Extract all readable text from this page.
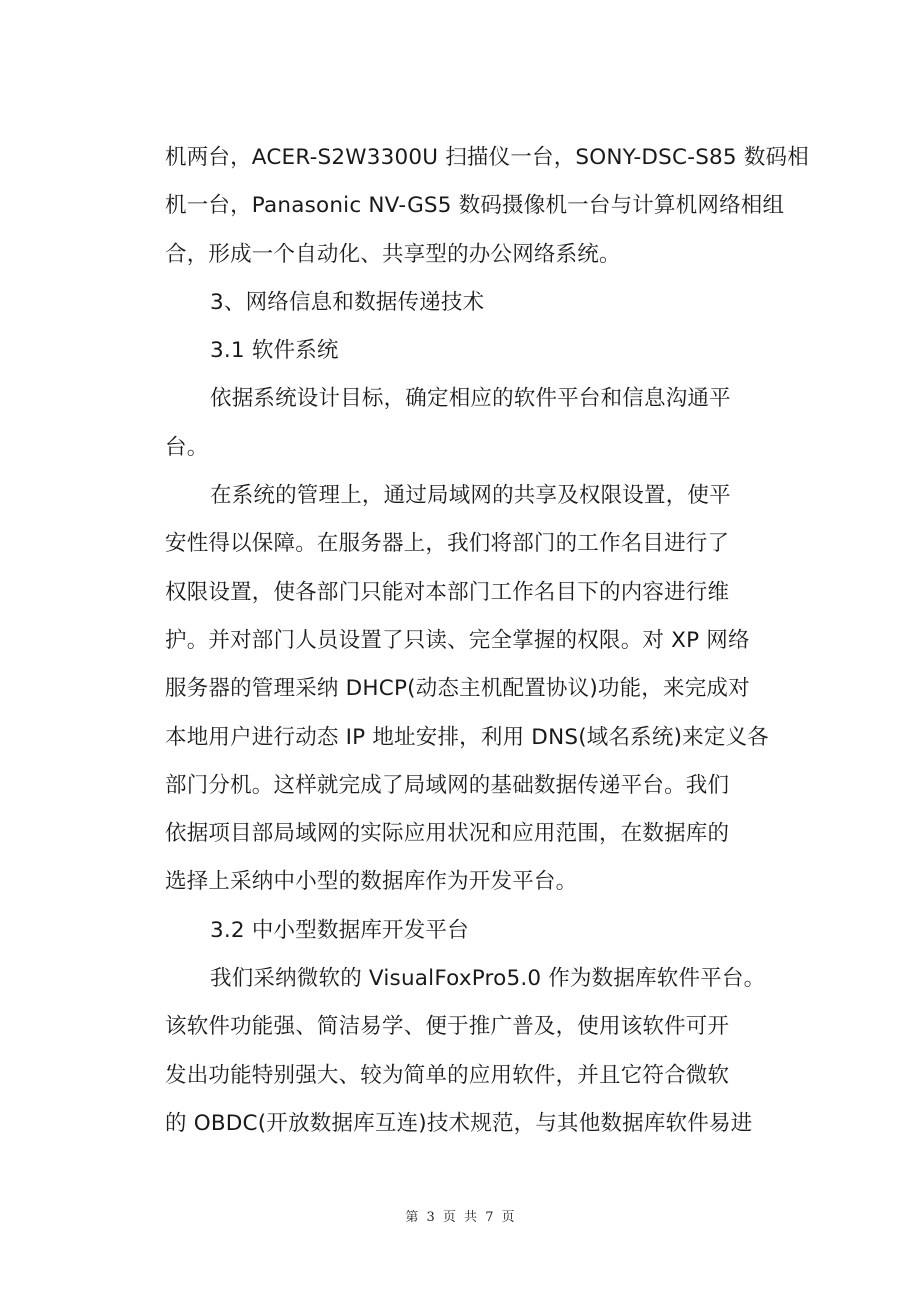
机两台，ACER-S2W3300U 扫描仪一台，SONY-DSC-S85 数码相
机一台，Panasonic NV-GS5 数码摄像机一台与计算机网络相组
合，形成一个自动化、共享型的办公网络系统。
3、网络信息和数据传递技术
3.1 软件系统
依据系统设计目标，确定相应的软件平台和信息沟通平
台。
在系统的管理上，通过局域网的共享及权限设置，使平
安性得以保障。在服务器上，我们将部门的工作名目进行了
权限设置，使各部门只能对本部门工作名目下的内容进行维
护。并对部门人员设置了只读、完全掌握的权限。对 XP 网络
服务器的管理采纳 DHCP(动态主机配置协议)功能，来完成对
本地用户进行动态 IP 地址安排，利用 DNS(域名系统)来定义各
部门分机。这样就完成了局域网的基础数据传递平台。我们
依据项目部局域网的实际应用状况和应用范围，在数据库的
选择上采纳中小型的数据库作为开发平台。
3.2 中小型数据库开发平台
我们采纳微软的 VisualFoxPro5.0 作为数据库软件平台。
该软件功能强、简洁易学、便于推广普及，使用该软件可开
发出功能特别强大、较为简单的应用软件，并且它符合微软
的 OBDC(开放数据库互连)技术规范，与其他数据库软件易进
第 3 页 共 7 页
